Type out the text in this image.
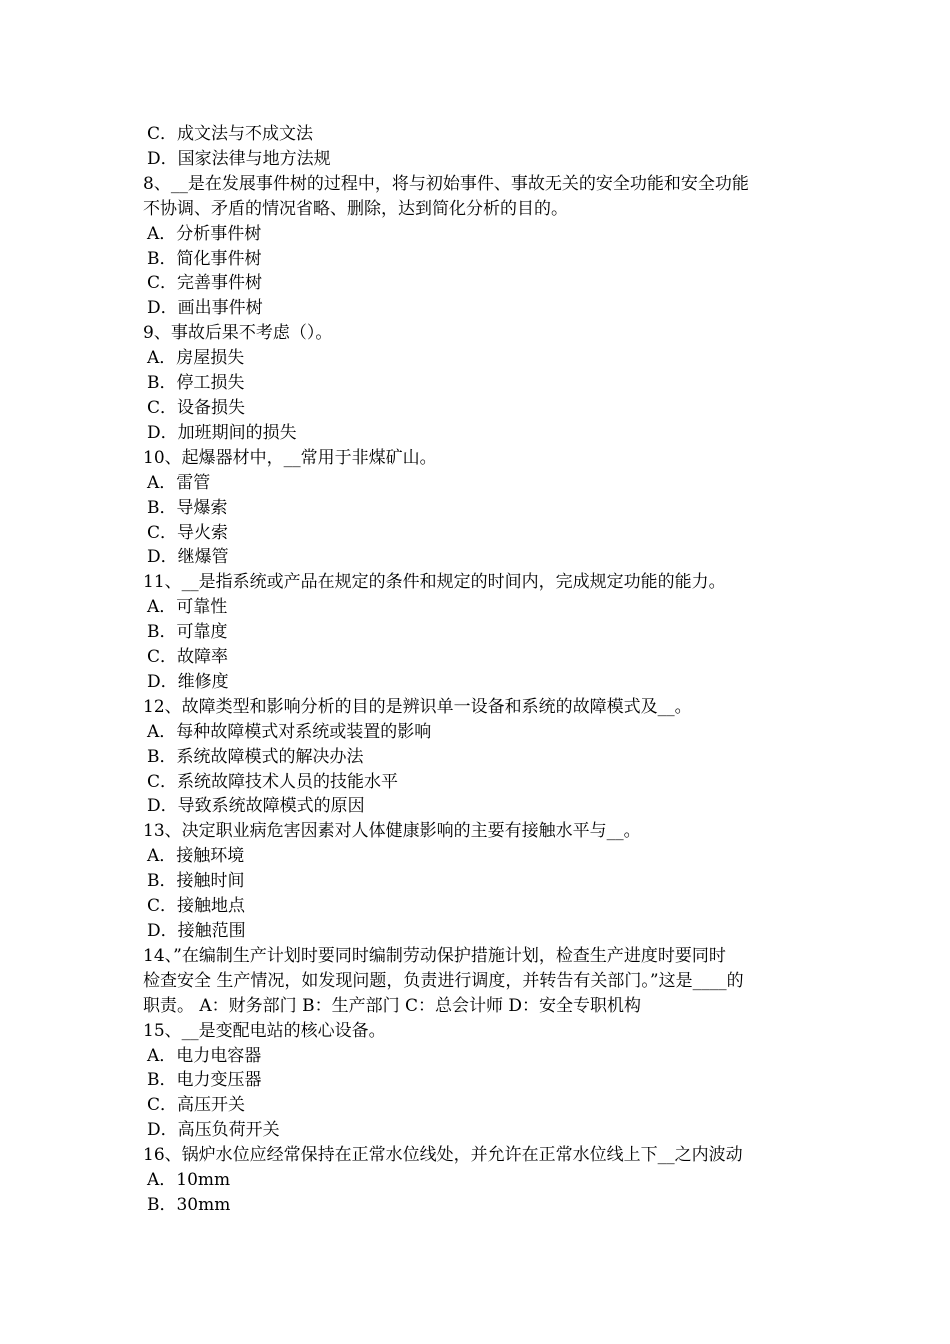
C．成文法与不成文法
D．国家法律与地方法规
8、__是在发展事件树的过程中，将与初始事件、事故无关的安全功能和安全功能
不协调、矛盾的情况省略、删除，达到简化分析的目的。
A．分析事件树
B．简化事件树
C．完善事件树
D．画出事件树
9、事故后果不考虑（）。
A．房屋损失
B．停工损失
C．设备损失
D．加班期间的损失
10、起爆器材中，__常用于非煤矿山。
A．雷管
B．导爆索
C．导火索
D．继爆管
11、__是指系统或产品在规定的条件和规定的时间内，完成规定功能的能力。
A．可靠性
B．可靠度
C．故障率
D．维修度
12、故障类型和影响分析的目的是辨识单一设备和系统的故障模式及__。
A．每种故障模式对系统或装置的影响
B．系统故障模式的解决办法
C．系统故障技术人员的技能水平
D．导致系统故障模式的原因
13、决定职业病危害因素对人体健康影响的主要有接触水平与__。
A．接触环境
B．接触时间
C．接触地点
D．接触范围
14、”在编制生产计划时要同时编制劳动保护措施计划，检查生产进度时要同时
检查安全 生产情况，如发现问题，负责进行调度，并转告有关部门。”这是____的
职责。 A：财务部门 B：生产部门 C：总会计师 D：安全专职机构
15、__是变配电站的核心设备。
A．电力电容器
B．电力变压器
C．高压开关
D．高压负荷开关
16、锅炉水位应经常保持在正常水位线处，并允许在正常水位线上下__之内波动
A．10mm
B．30mm
